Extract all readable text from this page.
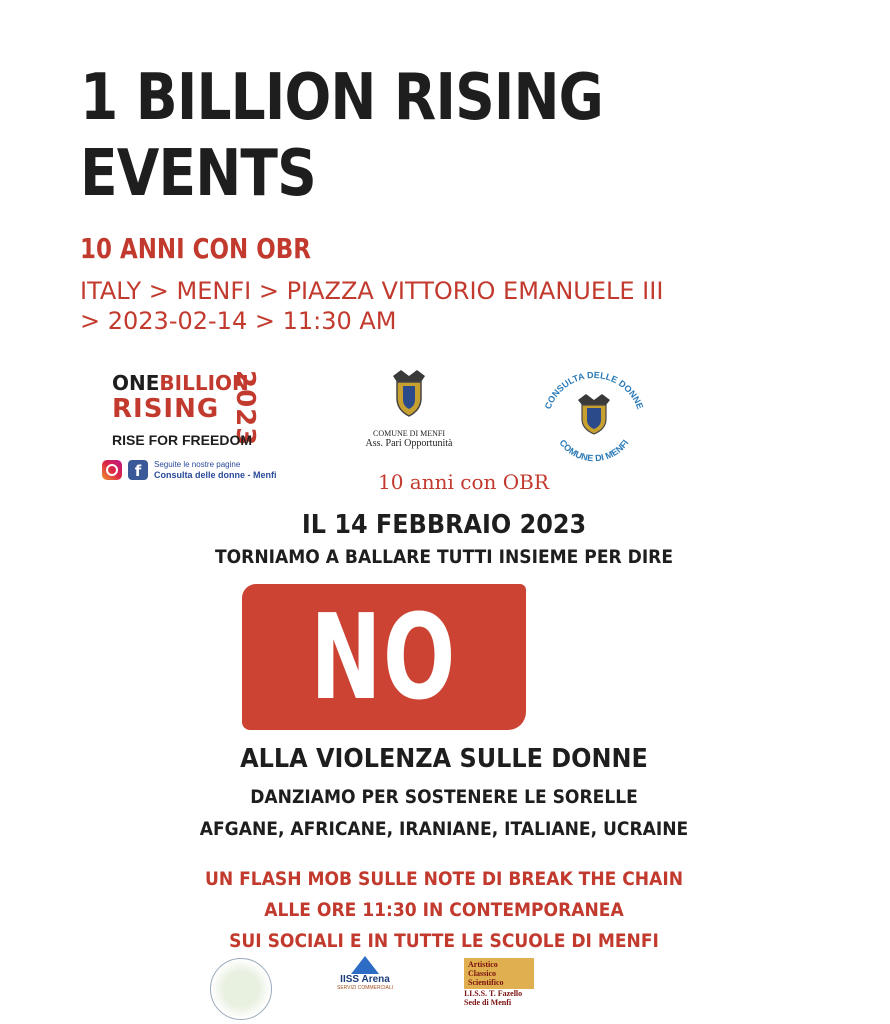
1 BILLION RISING
EVENTS
10 ANNI CON OBR
ITALY > MENFI > PIAZZA VITTORIO EMANUELE III
> 2023-02-14 > 11:30 AM
ONEBILLION
RISING 2023
RISE FOR FREEDOM
f	Seguite le nostre pagine
Consulta delle donne - Menfi
COMUNE DI MENFI
Ass. Pari Opportunità
CONSULTA DELLE DONNE
COMUNE DI MENFI
10 anni con OBR
IL 14 FEBBRAIO 2023
TORNIAMO A BALLARE TUTTI INSIEME PER DIRE
NO
ALLA VIOLENZA SULLE DONNE
DANZIAMO PER SOSTENERE LE SORELLE
AFGANE, AFRICANE, IRANIANE, ITALIANE, UCRAINE
UN FLASH MOB SULLE NOTE DI BREAK THE CHAIN
ALLE ORE 11:30 IN CONTEMPORANEA
SUI SOCIALI E IN TUTTE LE SCUOLE DI MENFI
IISS Arena
SERVIZI COMMERCIALI
Artistico
Classico
Scientifico
I.I.S.S. T. Fazello
Sede di Menfi
